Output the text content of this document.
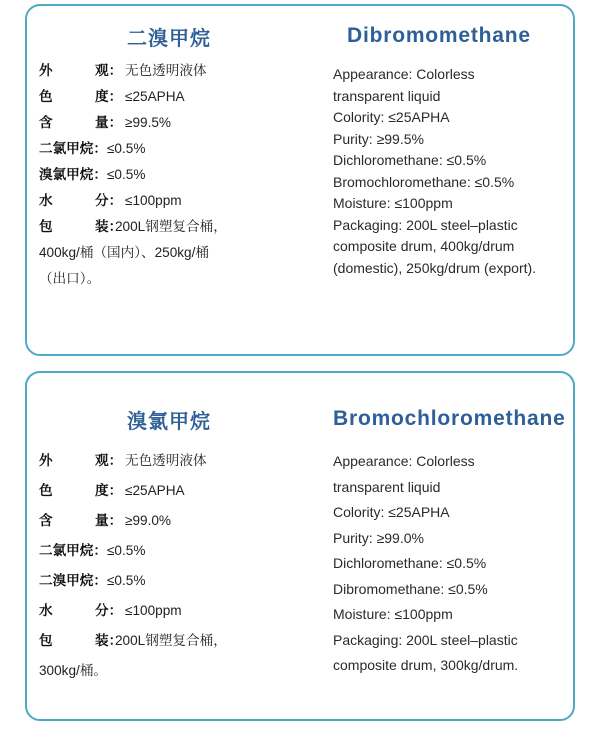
二溴甲烷
外	观： 无色透明液体
色	度： ≤25APHA
含	量： ≥99.5%
二氯甲烷：≤0.5%
溴氯甲烷：≤0.5%
水	分： ≤100ppm
包	装：200L钢塑复合桶，
400kg/桶（国内）、250kg/桶
（出口）。
Dibromomethane
Appearance: Colorless
transparent liquid
Colority: ≤25APHA
Purity: ≥99.5%
Dichloromethane: ≤0.5%
Bromochloromethane: ≤0.5%
Moisture: ≤100ppm
Packaging: 200L steel–plastic
composite drum, 400kg/drum
(domestic), 250kg/drum (export).
溴氯甲烷
外	观： 无色透明液体
色	度： ≤25APHA
含	量： ≥99.0%
二氯甲烷：≤0.5%
二溴甲烷：≤0.5%
水	分： ≤100ppm
包	装：200L钢塑复合桶，
300kg/桶。
Bromochloromethane
Appearance: Colorless
transparent liquid
Colority: ≤25APHA
Purity: ≥99.0%
Dichloromethane: ≤0.5%
Dibromomethane: ≤0.5%
Moisture: ≤100ppm
Packaging: 200L steel–plastic
composite drum, 300kg/drum.
